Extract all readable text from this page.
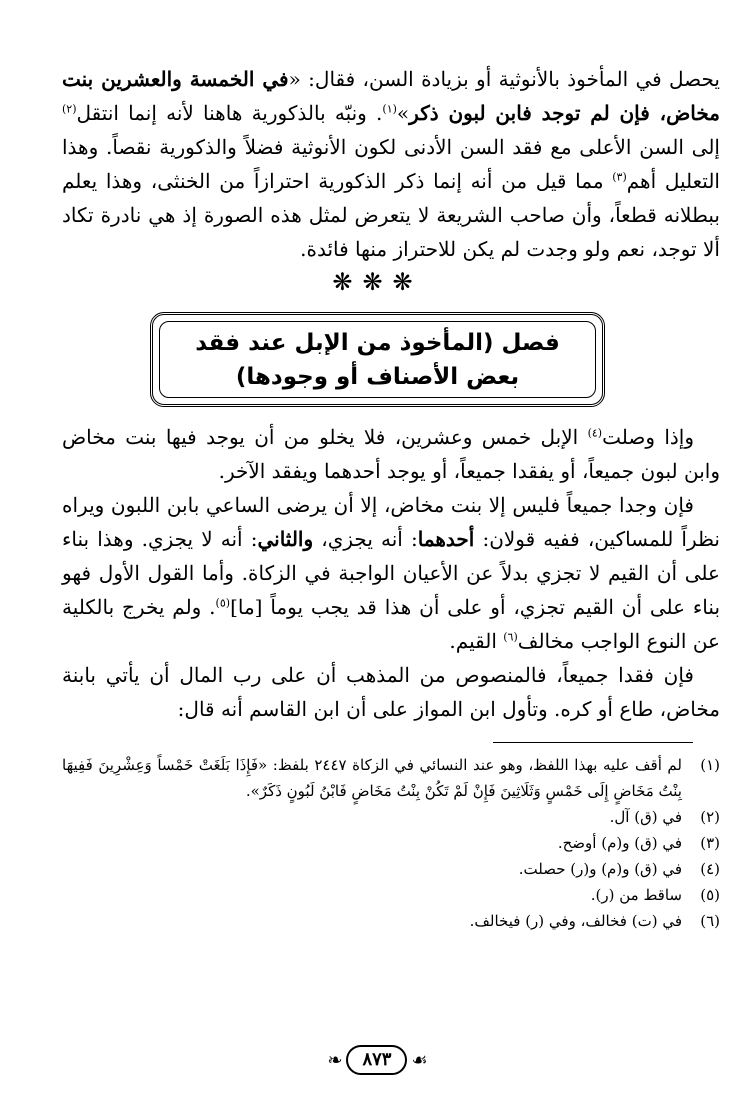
يحصل في المأخوذ بالأنوثية أو بزيادة السن، فقال: «في الخمسة والعشرين بنت مخاض، فإن لم توجد فابن لبون ذكر»$^{(١)}$. ونبّه بالذكورية هاهنا لأنه إنما انتقل$^{(٢)}$ إلى السن الأعلى مع فقد السن الأدنى لكون الأنوثية فضلاً والذكورية نقصاً. وهذا التعليل أهم$^{(٣)}$ مما قيل من أنه إنما ذكر الذكورية احترازاً من الخنثى، وهذا يعلم ببطلانه قطعاً، وأن صاحب الشريعة لا يتعرض لمثل هذه الصورة إذ هي نادرة تكاد ألا توجد، نعم ولو وجدت لم يكن للاحتراز منها فائدة.
❋❋❋
فصل (المأخوذ من الإبل عند فقد بعض الأصناف أو وجودها)
وإذا وصلت$^{(٤)}$ الإبل خمس وعشرين، فلا يخلو من أن يوجد فيها بنت مخاض وابن لبون جميعاً، أو يفقدا جميعاً، أو يوجد أحدهما ويفقد الآخر.
فإن وجدا جميعاً فليس إلا بنت مخاض، إلا أن يرضى الساعي بابن اللبون ويراه نظراً للمساكين، ففيه قولان: أحدهما: أنه يجزي، والثاني: أنه لا يجزي. وهذا بناء على أن القيم لا تجزي بدلاً عن الأعيان الواجبة في الزكاة. وأما القول الأول فهو بناء على أن القيم تجزي، أو على أن هذا قد يجب يوماً [ما]$^{(٥)}$. ولم يخرج بالكلية عن النوع الواجب مخالف$^{(٦)}$ القيم.
فإن فقدا جميعاً، فالمنصوص من المذهب أن على رب المال أن يأتي بابنة مخاض، طاع أو كره. وتأول ابن المواز على أن ابن القاسم أنه قال:
(١)
لم أقف عليه بهذا اللفظ، وهو عند النسائي في الزكاة ٢٤٤٧ بلفظ: «فَإِذَا بَلَغَتْ خَمْساً وَعِشْرِينَ فَفِيهَا بِنْتُ مَخَاضٍ إِلَى خَمْسٍ وَثَلَاثِينَ فَإِنْ لَمْ تَكُنْ بِنْتُ مَخَاضٍ فَابْنُ لَبُونٍ ذَكَرٌ».
(٢)
في (ق) آل.
(٣)
في (ق) و(م) أوضح.
(٤)
في (ق) و(م) و(ر) حصلت.
(٥)
ساقط من (ر).
(٦)
في (ت) فخالف، وفي (ر) فيخالف.
❧	٨٧٣	☙
